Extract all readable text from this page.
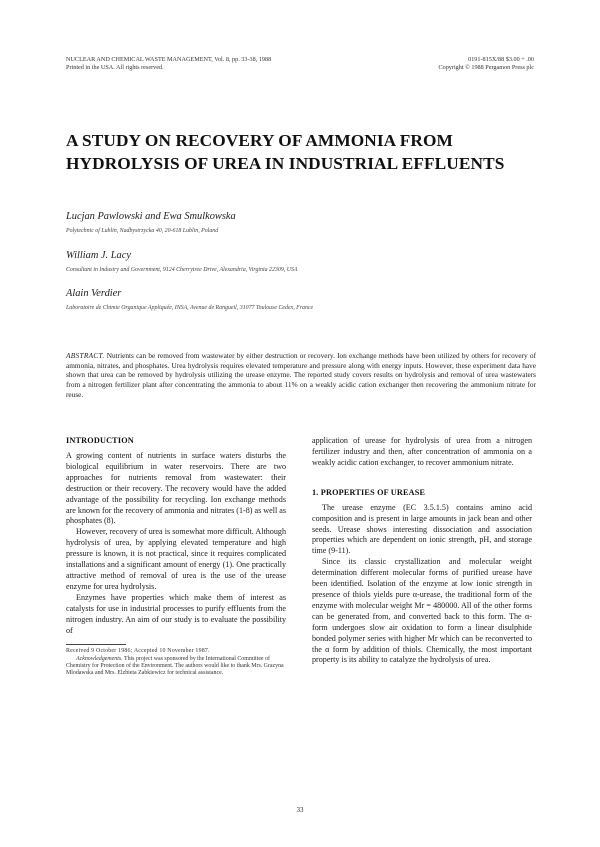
NUCLEAR AND CHEMICAL WASTE MANAGEMENT, Vol. 8, pp. 33-38, 1988
Printed in the USA. All rights reserved.
0191-815X/88 $3.00 + .00
Copyright © 1988 Pergamon Press plc
A STUDY ON RECOVERY OF AMMONIA FROM HYDROLYSIS OF UREA IN INDUSTRIAL EFFLUENTS
Lucjan Pawlowski and Ewa Smulkowska
Polytechnic of Lublin, Nadbystrzycka 40, 20-618 Lublin, Poland
William J. Lacy
Consultant in Industry and Government, 9124 Cherrytree Drive, Alexandria, Virginia 22309, USA
Alain Verdier
Laboratoire de Chimie Organique Appliquée, INSA, Avenue de Rangueil, 31077 Toulouse Cedex, France

ABSTRACT. Nutrients can be removed from wastewater by either destruction or recovery. Ion exchange methods have been utilized by others for recovery of ammonia, nitrates, and phosphates. Urea hydrolysis requires elevated temperature and pressure along with energy inputs. However, these experiment data have shown that urea can be removed by hydrolysis utilizing the urease enzyme. The reported study covers results on hydrolysis and removal of urea wastewaters from a nitrogen fertilizer plant after concentrating the ammonia to about 11% on a weakly acidic cation exchanger then recovering the ammonium nitrate for reuse.

INTRODUCTION

A growing content of nutrients in surface waters disturbs the biological equilibrium in water reservoirs. There are two approaches for nutrients removal from wastewater: their destruction or their recovery. The recovery would have the added advantage of the possibility for recycling. Ion exchange methods are known for the recovery of ammonia and nitrates (1-8) as well as phosphates (8).

However, recovery of urea is somewhat more difficult. Although hydrolysis of urea, by applying elevated temperature and high pressure is known, it is not practical, since it requires complicated installations and a significant amount of energy (1). One practically attractive method of removal of urea is the use of the urease enzyme for urea hydrolysis.

Enzymes have properties which make them of interest as catalysts for use in industrial processes to purify effluents from the nitrogen industry. An aim of our study is to evaluate the possibility of

Received 9 October 1986; Accepted 10 November 1987.

Acknowledgements. This project was sponsored by the International Committee of Chemistry for Protection of the Environment. The authors would like to thank Mrs. Grazyna Mlodawska and Mrs. Elzbieta Zabkiewicz for technical assistance.

application of urease for hydrolysis of urea from a nitrogen fertilizer industry and then, after concentration of ammonia on a weakly acidic cation exchanger, to recover ammonium nitrate.

1. PROPERTIES OF UREASE

The urease enzyme (EC 3.5.1.5) contains amino acid composition and is present in large amounts in jack bean and other seeds. Urease shows interesting dissociation and association properties which are dependent on ionic strength, pH, and storage time (9-11).

Since its classic crystallization and molecular weight determination different molecular forms of purified urease have been identified. Isolation of the enzyme at low ionic strength in presence of thiols yields pure α-urease, the traditional form of the enzyme with molecular weight Mr = 480000. All of the other forms can be generated from, and converted back to this form. The α-form undergoes slow air oxidation to form a linear disulphide bonded polymer series with higher Mr which can be reconverted to the α form by addition of thiols. Chemically, the most important property is its ability to catalyze the hydrolysis of urea.

33
